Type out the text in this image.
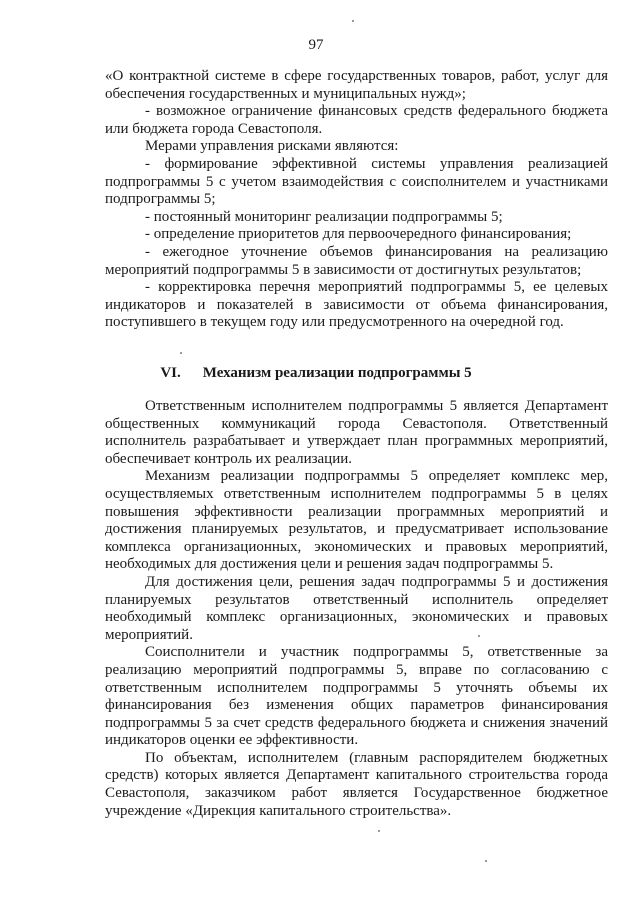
97

«О контрактной системе в сфере государственных товаров, работ, услуг для обеспечения государственных и муниципальных нужд»;

- возможное ограничение финансовых средств федерального бюджета или бюджета города Севастополя.

Мерами управления рисками являются:

- формирование эффективной системы управления реализацией подпрограммы 5 с учетом взаимодействия с соисполнителем и участниками подпрограммы 5;

- постоянный мониторинг реализации подпрограммы 5;

- определение приоритетов для первоочередного финансирования;

- ежегодное уточнение объемов финансирования на реализацию мероприятий подпрограммы 5 в зависимости от достигнутых результатов;

- корректировка перечня мероприятий подпрограммы 5, ее целевых индикаторов и показателей в зависимости от объема финансирования, поступившего в текущем году или предусмотренного на очередной год.

VI. Механизм реализации подпрограммы 5

Ответственным исполнителем подпрограммы 5 является Департамент общественных коммуникаций города Севастополя. Ответственный исполнитель разрабатывает и утверждает план программных мероприятий, обеспечивает контроль их реализации.

Механизм реализации подпрограммы 5 определяет комплекс мер, осуществляемых ответственным исполнителем подпрограммы 5 в целях повышения эффективности реализации программных мероприятий и достижения планируемых результатов, и предусматривает использование комплекса организационных, экономических и правовых мероприятий, необходимых для достижения цели и решения задач подпрограммы 5.

Для достижения цели, решения задач подпрограммы 5 и достижения планируемых результатов ответственный исполнитель определяет необходимый комплекс организационных, экономических и правовых мероприятий.

Соисполнители и участник подпрограммы 5, ответственные за реализацию мероприятий подпрограммы 5, вправе по согласованию с ответственным исполнителем подпрограммы 5 уточнять объемы их финансирования без изменения общих параметров финансирования подпрограммы 5 за счет средств федерального бюджета и снижения значений индикаторов оценки ее эффективности.

По объектам, исполнителем (главным распорядителем бюджетных средств) которых является Департамент капитального строительства города Севастополя, заказчиком работ является Государственное бюджетное учреждение «Дирекция капитального строительства».
